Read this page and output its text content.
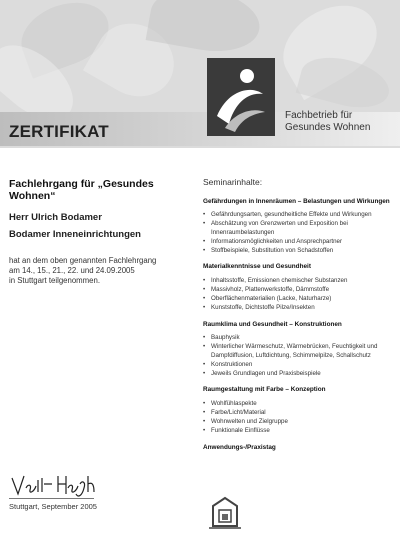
ZERTIFIKAT
Fachbetrieb für
Gesundes Wohnen
Fachlehrgang für „Gesundes Wohnen“
Herr Ulrich Bodamer
Bodamer Inneneinrichtungen
hat an dem oben genannten Fachlehrgang
am 14., 15., 21., 22. und 24.09.2005
in Stuttgart teilgenommen.
Stuttgart, September 2005
Seminarinhalte:
Gefährdungen in Innenräumen – Belastungen und Wirkungen
• Gefährdungsarten, gesundheitliche Effekte und Wirkungen
• Abschätzung von Grenzwerten und Exposition bei Innenraumbelastungen
• Informationsmöglichkeiten und Ansprechpartner
• Stoffbeispiele, Substitution von Schadstoffen
Materialkenntnisse und Gesundheit
• Inhaltsstoffe, Emissionen chemischer Substanzen
• Massivholz, Plattenwerkstoffe, Dämmstoffe
• Oberflächenmaterialien (Lacke, Naturharze)
• Kunststoffe, Dichtstoffe Pilze/Insekten
Raumklima und Gesundheit – Konstruktionen
• Bauphysik
• Winterlicher Wärmeschutz, Wärmebrücken, Feuchtigkeit und Dampfdiffusion, Luftdichtung, Schimmelpilze, Schallschutz
• Konstruktionen
• Jeweils Grundlagen und Praxisbeispiele
Raumgestaltung mit Farbe – Konzeption
• Wohlfühlaspekte
• Farbe/Licht/Material
• Wohnwelten und Zielgruppe
• Funktionale Einflüsse
Anwendungs-/Praxistag
